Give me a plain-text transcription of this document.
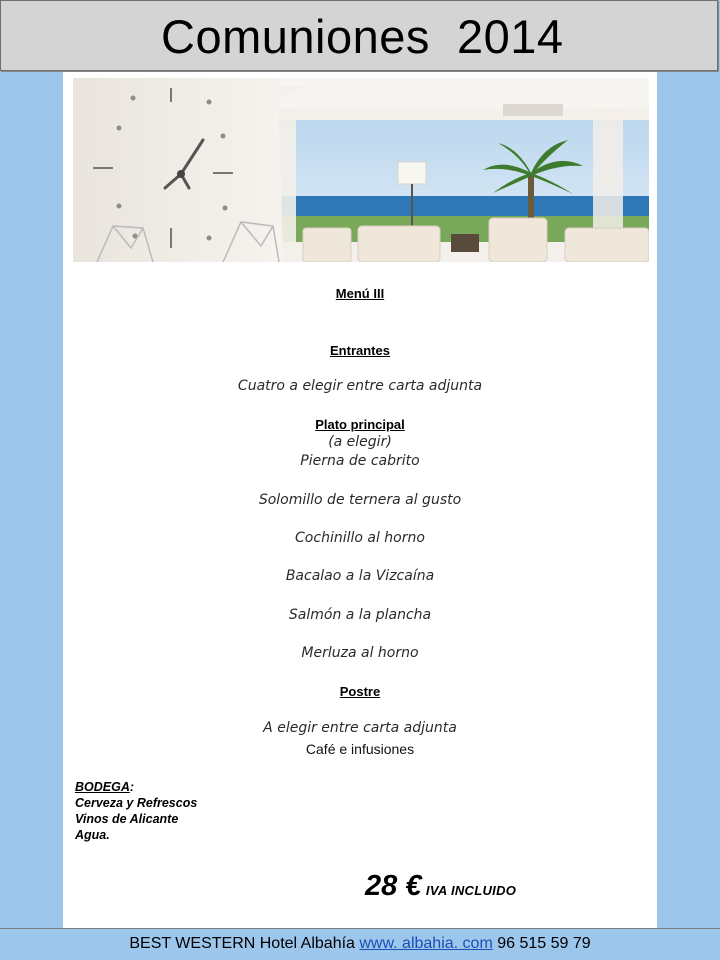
Comuniones  2014
Menú III
Entrantes
Cuatro a elegir entre carta adjunta
Plato principal
(a elegir)
Pierna de cabrito
Solomillo de ternera al gusto
Cochinillo al horno
Bacalao a la Vizcaína
Salmón a la plancha
Merluza al horno
Postre
A elegir entre carta adjunta
Café e infusiones
BODEGA:
Cerveza y Refrescos
Vinos de Alicante
Agua.
28 € IVA INCLUIDO
BEST WESTERN Hotel Albahía www. albahia. com 96 515 59 79
